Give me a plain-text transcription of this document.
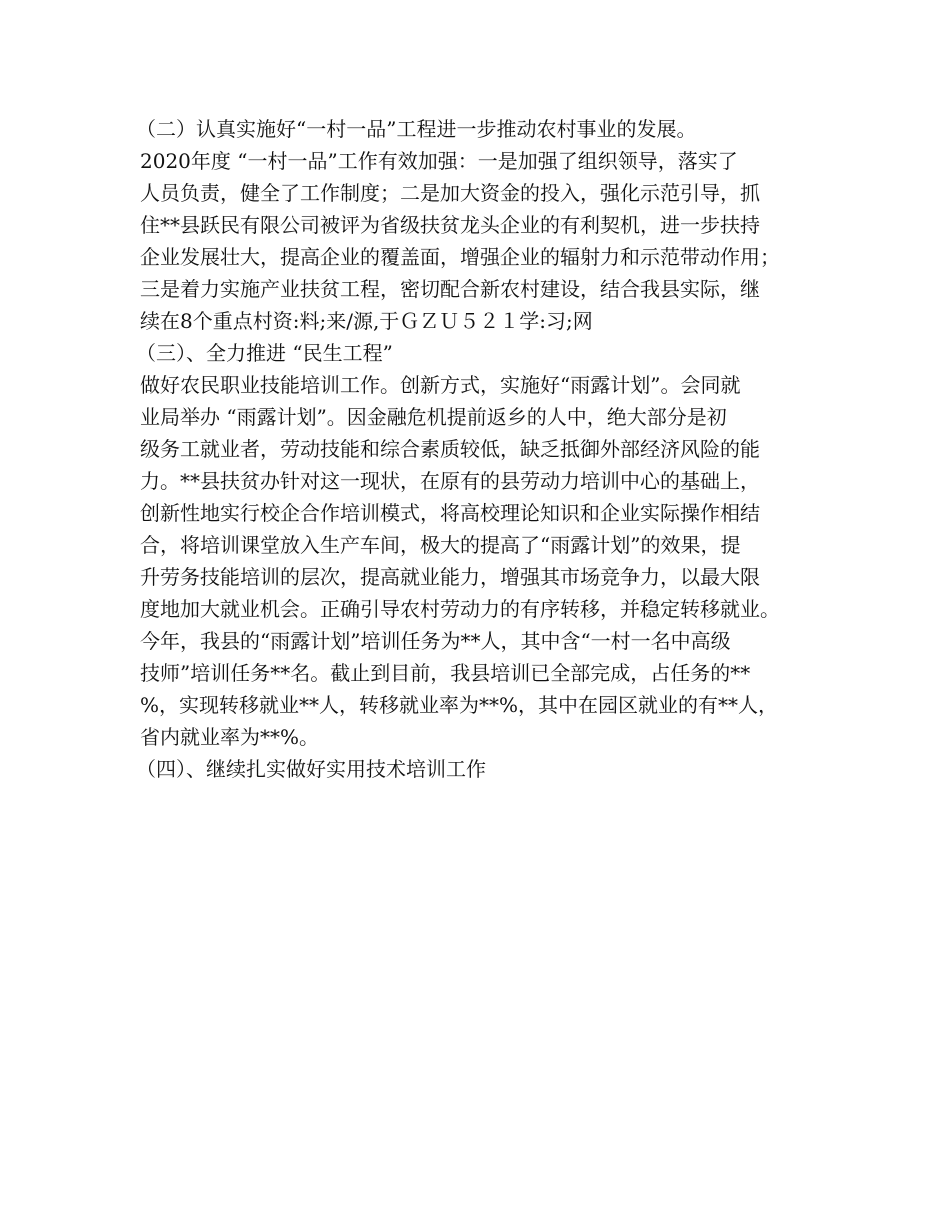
（二）认真实施好“一村一品”工程进一步推动农村事业的发展。
2020年度 “一村一品”工作有效加强：一是加强了组织领导，落实了
人员负责，健全了工作制度；二是加大资金的投入，强化示范引导，抓
住**县跃民有限公司被评为省级扶贫龙头企业的有利契机，进一步扶持
企业发展壮大，提高企业的覆盖面，增强企业的辐射力和示范带动作用；
三是着力实施产业扶贫工程，密切配合新农村建设，结合我县实际，继
续在8个重点村资:料;来/源,于ＧＺＵ５２１学:习;网
（三）、全力推进 “民生工程”
做好农民职业技能培训工作。创新方式，实施好“雨露计划”。会同就
业局举办 “雨露计划”。因金融危机提前返乡的人中，绝大部分是初
级务工就业者，劳动技能和综合素质较低，缺乏抵御外部经济风险的能
力。**县扶贫办针对这一现状，在原有的县劳动力培训中心的基础上，
创新性地实行校企合作培训模式，将高校理论知识和企业实际操作相结
合，将培训课堂放入生产车间，极大的提高了“雨露计划”的效果，提
升劳务技能培训的层次，提高就业能力，增强其市场竞争力，以最大限
度地加大就业机会。正确引导农村劳动力的有序转移，并稳定转移就业。
今年，我县的“雨露计划”培训任务为**人，其中含“一村一名中高级
技师”培训任务**名。截止到目前，我县培训已全部完成，占任务的**
%，实现转移就业**人，转移就业率为**%，其中在园区就业的有**人，
省内就业率为**%。
（四）、继续扎实做好实用技术培训工作
